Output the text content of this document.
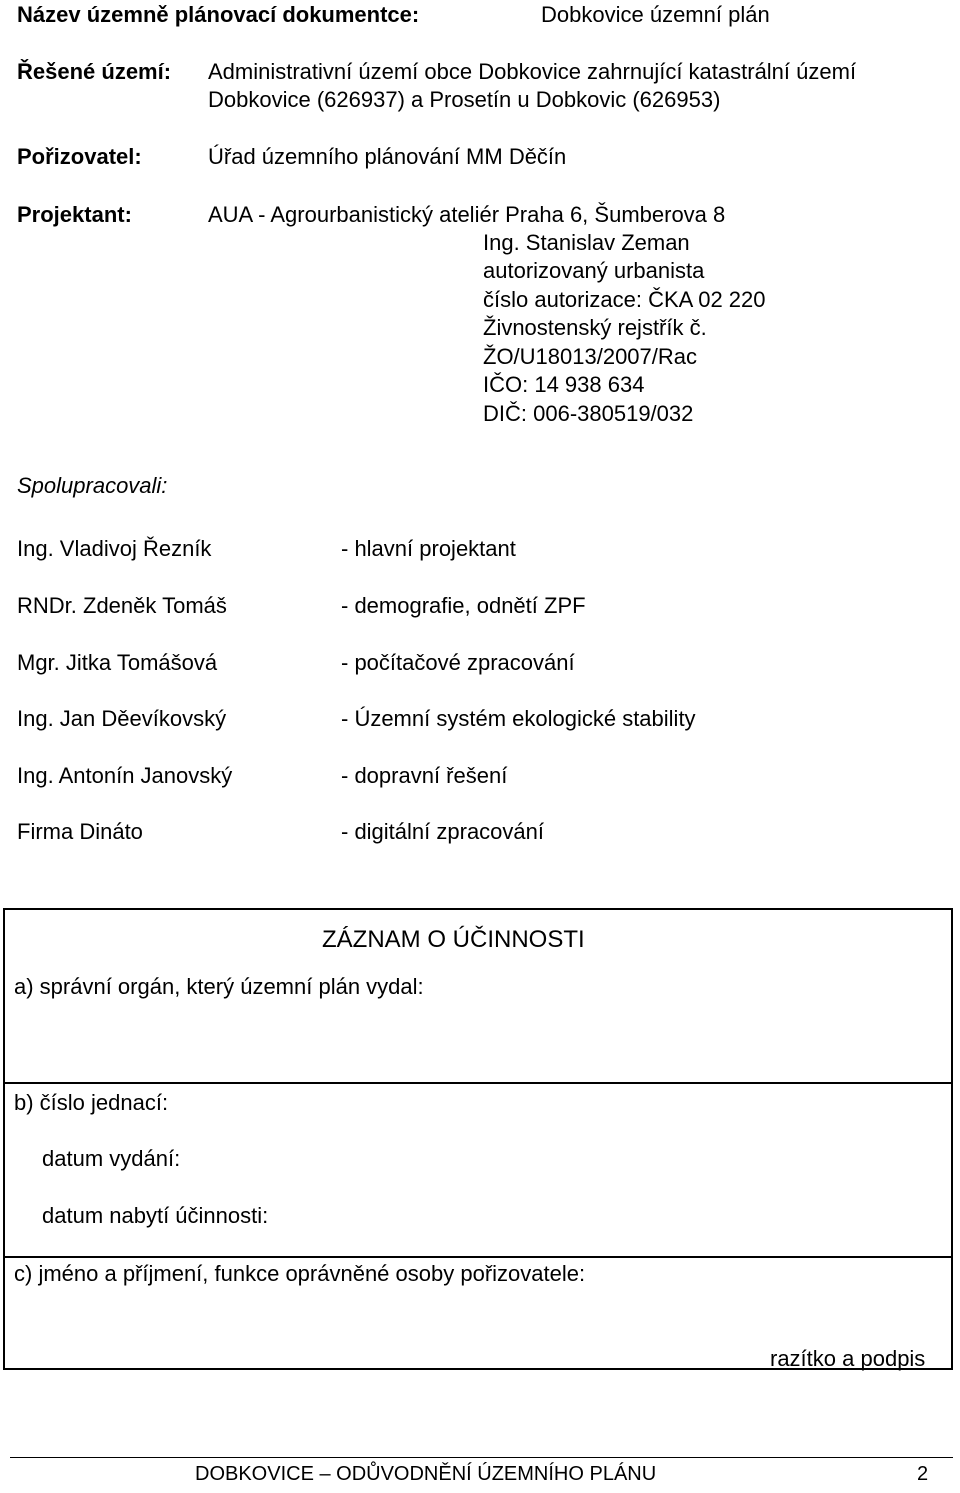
Název územně plánovací dokumentce:	Dobkovice územní plán
Řešené území: Administrativní území obce Dobkovice zahrnující katastrální území
Dobkovice (626937) a Prosetín u Dobkovic (626953)
Pořizovatel:	Úřad územního plánování MM Děčín
Projektant:	AUA - Agrourbanistický ateliér Praha 6, Šumberova 8
Ing. Stanislav Zeman
autorizovaný urbanista
číslo autorizace: ČKA 02 220
Živnostenský rejstřík č.
ŽO/U18013/2007/Rac
IČO: 14 938 634
DIČ: 006-380519/032
Spolupracovali:
Ing. Vladivoj Řezník	- hlavní projektant
RNDr. Zdeněk Tomáš	- demografie, odnětí ZPF
Mgr. Jitka Tomášová	- počítačové zpracování
Ing. Jan Děevíkovský	- Územní systém ekologické stability
Ing. Antonín Janovský	- dopravní řešení
Firma Dináto	- digitální zpracování
ZÁZNAM O ÚČINNOSTI
a) správní orgán, který územní plán vydal:
b) číslo jednací:
datum vydání:
datum nabytí účinnosti:
c) jméno a příjmení, funkce oprávněné osoby pořizovatele:
razítko a podpis
DOBKOVICE – ODŮVODNĚNÍ ÚZEMNÍHO PLÁNU	2
